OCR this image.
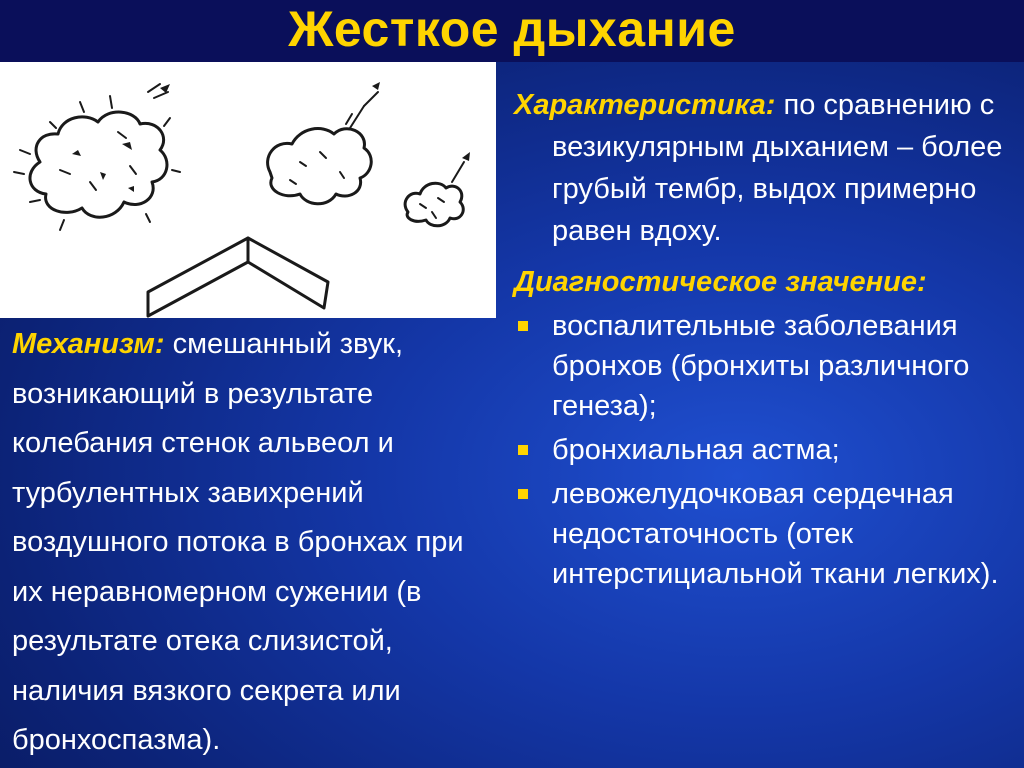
Жесткое дыхание
Механизм: смешанный звук, возникающий в результате колебания стенок альвеол и турбулентных завихрений воздушного потока в бронхах при их неравномерном сужении (в результате отека слизистой, наличия вязкого секрета или бронхоспазма).

Характеристика: по сравнению с везикулярным дыханием – более грубый тембр, выдох примерно равен вдоху.

Диагностическое значение:
воспалительные заболевания бронхов (бронхиты различного генеза);
бронхиальная астма;
левожелудочковая сердечная недостаточность (отек интерстициальной ткани легких).
